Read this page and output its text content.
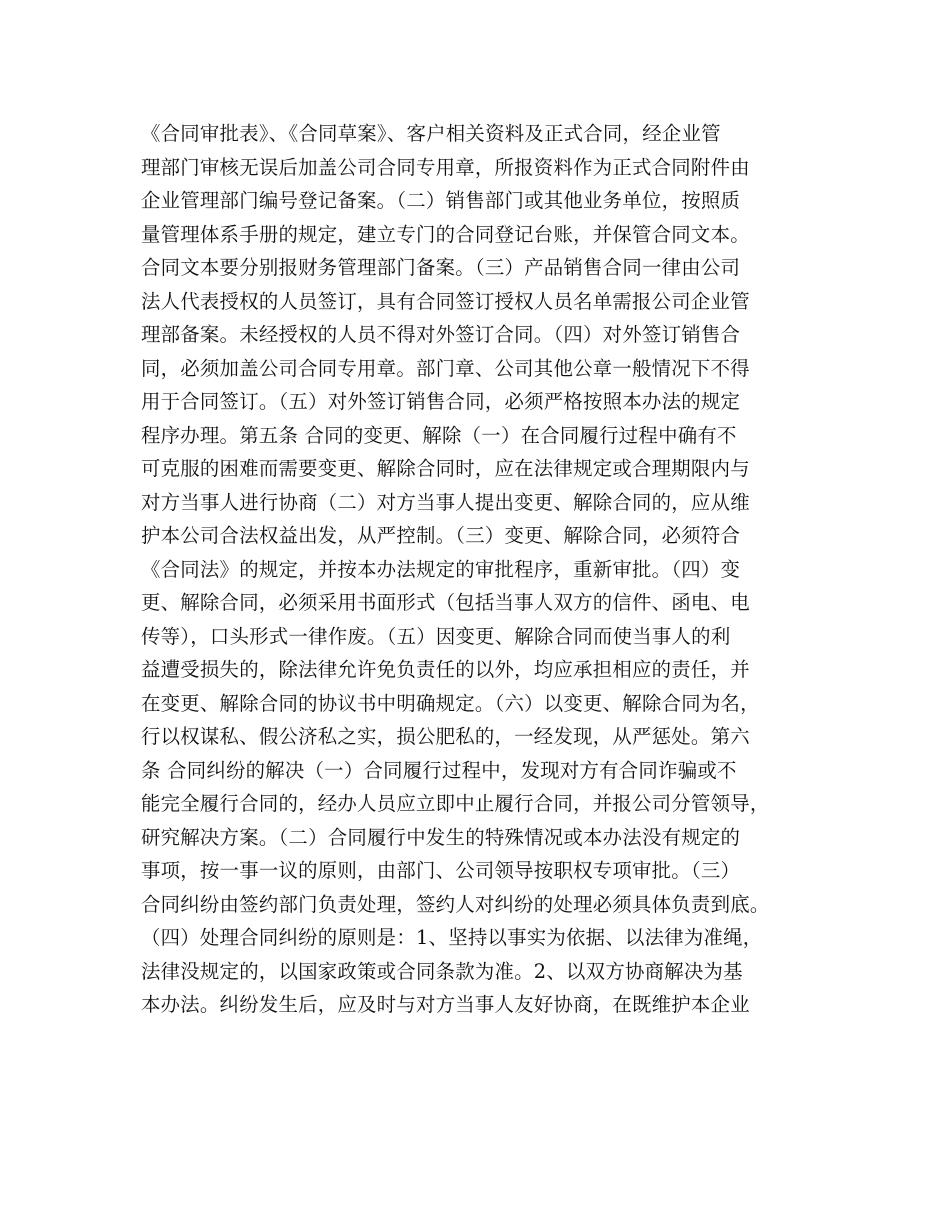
《合同审批表》、《合同草案》、客户相关资料及正式合同，经企业管
理部门审核无误后加盖公司合同专用章，所报资料作为正式合同附件由
企业管理部门编号登记备案。（二）销售部门或其他业务单位，按照质
量管理体系手册的规定，建立专门的合同登记台账，并保管合同文本。
合同文本要分别报财务管理部门备案。（三）产品销售合同一律由公司
法人代表授权的人员签订，具有合同签订授权人员名单需报公司企业管
理部备案。未经授权的人员不得对外签订合同。（四）对外签订销售合
同，必须加盖公司合同专用章。部门章、公司其他公章一般情况下不得
用于合同签订。（五）对外签订销售合同，必须严格按照本办法的规定
程序办理。第五条 合同的变更、解除（一）在合同履行过程中确有不
可克服的困难而需要变更、解除合同时，应在法律规定或合理期限内与
对方当事人进行协商（二）对方当事人提出变更、解除合同的，应从维
护本公司合法权益出发，从严控制。（三）变更、解除合同，必须符合
《合同法》的规定，并按本办法规定的审批程序，重新审批。（四）变
更、解除合同，必须采用书面形式（包括当事人双方的信件、函电、电
传等），口头形式一律作废。（五）因变更、解除合同而使当事人的利
益遭受损失的，除法律允许免负责任的以外，均应承担相应的责任，并
在变更、解除合同的协议书中明确规定。（六）以变更、解除合同为名，
行以权谋私、假公济私之实，损公肥私的，一经发现，从严惩处。第六
条 合同纠纷的解决（一）合同履行过程中，发现对方有合同诈骗或不
能完全履行合同的，经办人员应立即中止履行合同，并报公司分管领导，
研究解决方案。（二）合同履行中发生的特殊情况或本办法没有规定的
事项，按一事一议的原则，由部门、公司领导按职权专项审批。（三）
合同纠纷由签约部门负责处理，签约人对纠纷的处理必须具体负责到底。
（四）处理合同纠纷的原则是：1、坚持以事实为依据、以法律为准绳，
法律没规定的，以国家政策或合同条款为准。2、以双方协商解决为基
本办法。纠纷发生后，应及时与对方当事人友好协商，在既维护本企业
